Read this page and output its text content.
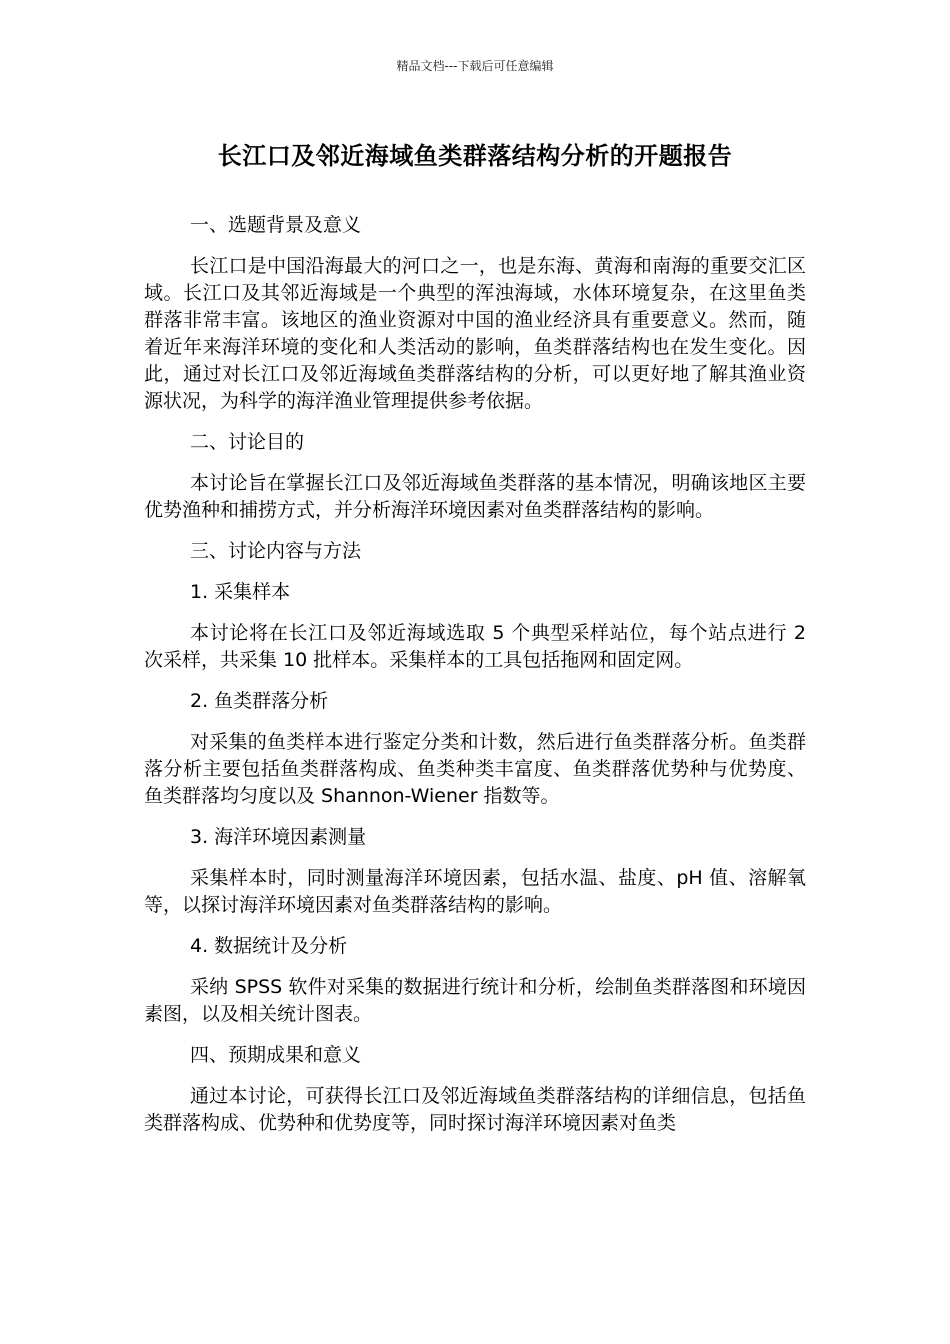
精品文档---下载后可任意编辑
长江口及邻近海域鱼类群落结构分析的开题报告

一、选题背景及意义

长江口是中国沿海最大的河口之一，也是东海、黄海和南海的重要交汇区域。长江口及其邻近海域是一个典型的浑浊海域，水体环境复杂，在这里鱼类群落非常丰富。该地区的渔业资源对中国的渔业经济具有重要意义。然而，随着近年来海洋环境的变化和人类活动的影响，鱼类群落结构也在发生变化。因此，通过对长江口及邻近海域鱼类群落结构的分析，可以更好地了解其渔业资源状况，为科学的海洋渔业管理提供参考依据。

二、讨论目的

本讨论旨在掌握长江口及邻近海域鱼类群落的基本情况，明确该地区主要优势渔种和捕捞方式，并分析海洋环境因素对鱼类群落结构的影响。

三、讨论内容与方法

1. 采集样本

本讨论将在长江口及邻近海域选取 5 个典型采样站位，每个站点进行 2 次采样，共采集 10 批样本。采集样本的工具包括拖网和固定网。

2. 鱼类群落分析

对采集的鱼类样本进行鉴定分类和计数，然后进行鱼类群落分析。鱼类群落分析主要包括鱼类群落构成、鱼类种类丰富度、鱼类群落优势种与优势度、鱼类群落均匀度以及 Shannon-Wiener 指数等。

3. 海洋环境因素测量

采集样本时，同时测量海洋环境因素，包括水温、盐度、pH 值、溶解氧等，以探讨海洋环境因素对鱼类群落结构的影响。

4. 数据统计及分析

采纳 SPSS 软件对采集的数据进行统计和分析，绘制鱼类群落图和环境因素图，以及相关统计图表。

四、预期成果和意义

通过本讨论，可获得长江口及邻近海域鱼类群落结构的详细信息，包括鱼类群落构成、优势种和优势度等，同时探讨海洋环境因素对鱼类
